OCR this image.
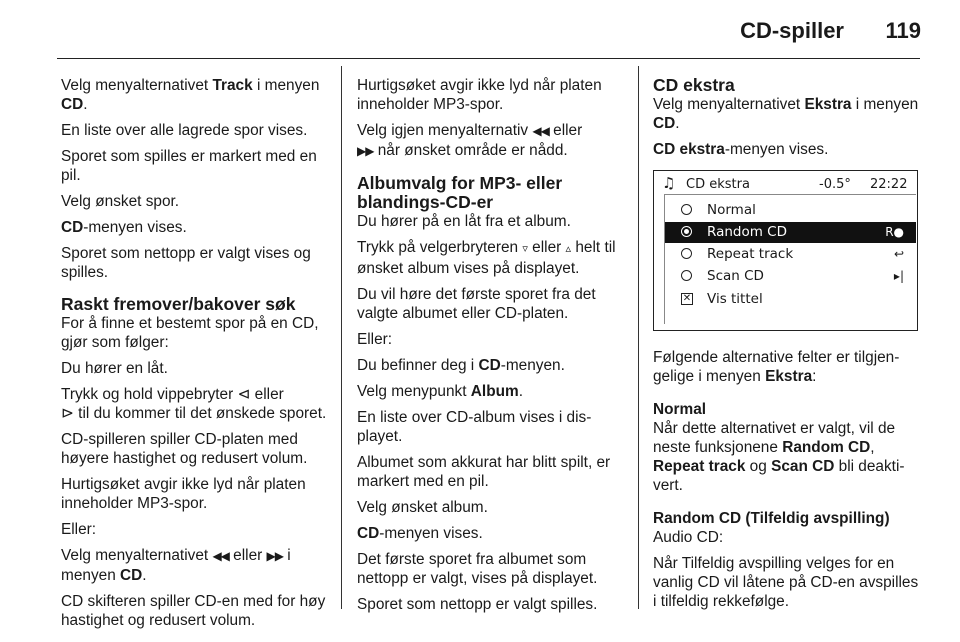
CD-spiller 119

Velg menyalternativet Track i menyen CD.

En liste over alle lagrede spor vises.

Sporet som spilles er markert med en pil.

Velg ønsket spor.

CD-menyen vises.

Sporet som nettopp er valgt vises og spilles.

Raskt fremover/bakover søk

For å finne et bestemt spor på en CD, gjør som følger:

Du hører en låt.

Trykk og hold vippebryter ⊲ eller
⊳ til du kommer til det ønskede sporet.

CD-spilleren spiller CD-platen med høyere hastighet og redusert volum.

Hurtigsøket avgir ikke lyd når platen inneholder MP3-spor.

Eller:

Velg menyalternativet ◀◀ eller ▶▶ i menyen CD.

CD skifteren spiller CD-en med for høy hastighet og redusert volum.

Hurtigsøket avgir ikke lyd når platen inneholder MP3-spor.

Velg igjen menyalternativ ◀◀ eller
▶▶ når ønsket område er nådd.

Albumvalg for MP3- eller blandings-CD-er

Du hører på en låt fra et album.

Trykk på velgerbryteren ▿ eller ▵ helt til ønsket album vises på displayet.

Du vil høre det første sporet fra det valgte albumet eller CD-platen.

Eller:

Du befinner deg i CD-menyen.

Velg menypunkt Album.

En liste over CD-album vises i displayet.

Albumet som akkurat har blitt spilt, er markert med en pil.

Velg ønsket album.

CD-menyen vises.

Det første sporet fra albumet som nettopp er valgt, vises på displayet.

Sporet som nettopp er valgt spilles.

CD ekstra

Velg menyalternativet Ekstra i menyen CD.

CD ekstra-menyen vises.

♫ CD ekstra	-0.5° 22:22
Normal
Random CD	R●
Repeat track	↩
Scan CD	▸|
✕ Vis tittel

Følgende alternative felter er tilgjengelige i menyen Ekstra:

Normal

Når dette alternativet er valgt, vil de neste funksjonene Random CD,
Repeat track og Scan CD bli deaktivert.

Random CD (Tilfeldig avspilling)

Audio CD:

Når Tilfeldig avspilling velges for en vanlig CD vil låtene på CD-en avspilles i tilfeldig rekkefølge.
